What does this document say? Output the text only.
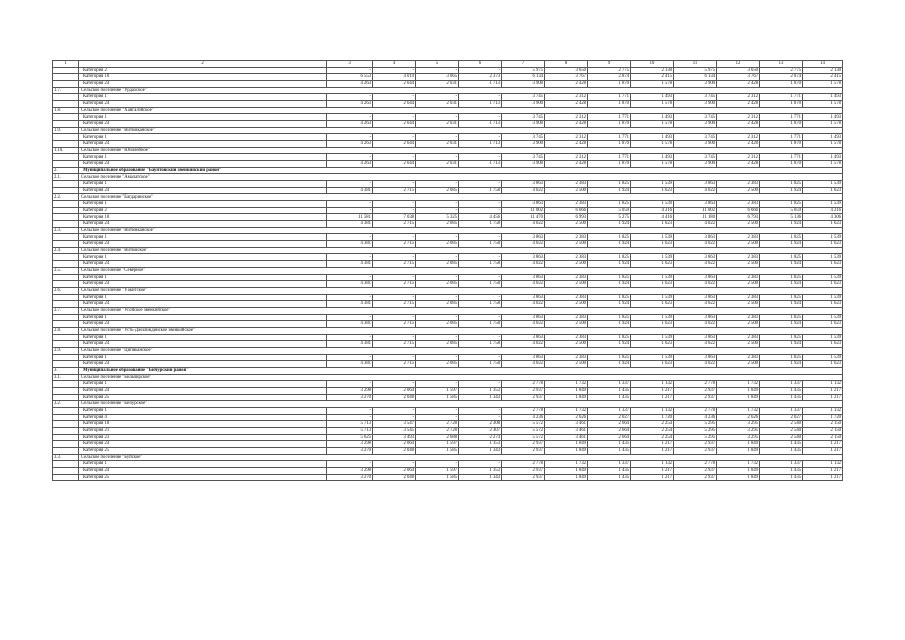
1	2	3	4	5	6	7	8	9	10	11	12	13	14
	Категория 2	-	-	-	-	5 975	3 650	2 775	2 130	5 975	3 650	2 775	2 130
	Категория 18	6 553	4 019	3 065	2 373	6 134	3 767	2 874	2 415	6 134	3 767	2 874	2 415
	Категория 24	4 263	2 644	2 031	1 713	3 900	2 428	1 870	1 578	3 900	2 428	1 870	1 578
1.7.	Сельское поселение "Урдахское"												
	Категория 1	-	-	-	-	3 745	2 312	1 771	1 493	3 745	2 312	1 771	1 493
	Категория 24	4 263	2 644	2 031	1 713	3 900	2 428	1 870	1 578	3 900	2 428	1 870	1 578
1.8.	Сельское поселение "Хангалэйское"												
	Категория 1	-	-	-	-	3 745	2 312	1 771	1 493	3 745	2 312	1 771	1 493
	Категория 24	4 263	2 644	2 031	1 713	3 900	2 428	1 870	1 578	3 900	2 428	1 870	1 578
1.9.	Сельское поселение "Витимканское"												
	Категория 1	-	-	-	-	3 745	2 312	1 771	1 493	3 745	2 312	1 771	1 493
	Категория 24	4 263	2 644	2 031	1 713	3 900	2 428	1 870	1 578	3 900	2 428	1 870	1 578
1.10.	Сельское поселение "Юбилейное"												
	Категория 1	-	-	-	-	3 745	2 312	1 771	1 493	3 745	2 312	1 771	1 493
	Категория 24	4 263	2 644	2 031	1 713	3 900	2 428	1 870	1 578	3 900	2 428	1 870	1 578
2.	Муниципальное образование "Баунтовский эвенкийский район"												
2.1.	Сельское поселение "Амалатское"												
	Категория 1	-	-	-	-	3 863	2 383	1 825	1 539	3 863	2 383	1 825	1 539
	Категория 24	4 381	2 715	2 085	1 758	4 022	2 500	1 924	1 623	4 022	2 500	1 924	1 623
2.2.	Сельское поселение "Багдаринское"												
	Категория 1	-	-	-	-	3 863	2 383	1 825	1 539	3 863	2 383	1 825	1 539
	Категория 2	-	-	-	-	11 002	6 666	5 059	4 216	11 002	6 666	5 059	4 216
	Категория 18	11 581	7 038	5 325	4 456	11 470	6 993	5 275	4 416	11 180	6 793	5 136	4 306
	Категория 24	4 381	2 715	2 085	1 758	4 022	2 500	1 924	1 623	4 022	2 500	1 924	1 623
2.3.	Сельское поселение "Витимканское"												
	Категория 1	-	-	-	-	3 863	2 383	1 825	1 539	3 863	2 383	1 825	1 539
	Категория 24	4 381	2 715	2 085	1 758	4 022	2 500	1 924	1 623	4 022	2 500	1 924	1 623
2.4.	Сельское поселение "Витимское"												
	Категория 1	-	-	-	-	3 863	2 383	1 825	1 539	3 863	2 383	1 825	1 539
	Категория 24	4 381	2 715	2 085	1 758	4 022	2 500	1 924	1 623	4 022	2 500	1 924	1 623
2.5.	Сельское поселение "Северное"												
	Категория 1	-	-	-	-	3 863	2 383	1 825	1 539	3 863	2 383	1 825	1 539
	Категория 24	4 381	2 715	2 085	1 758	4 022	2 500	1 924	1 623	4 022	2 500	1 924	1 623
2.6.	Сельское поселение "Уакитское"												
	Категория 1	-	-	-	-	3 863	2 383	1 825	1 539	3 863	2 383	1 825	1 539
	Категория 24	4 381	2 715	2 085	1 758	4 022	2 500	1 924	1 623	4 022	2 500	1 924	1 623
2.7.	Сельское поселение "Усойское эвенкийское"												
	Категория 1	-	-	-	-	3 863	2 383	1 825	1 539	3 863	2 383	1 825	1 539
	Категория 24	4 381	2 715	2 085	1 758	4 022	2 500	1 924	1 623	4 022	2 500	1 924	1 623
2.8.	Сельское поселение "Усть-Джилиндинское эвенкийское"												
	Категория 1	-	-	-	-	3 863	2 383	1 825	1 539	3 863	2 383	1 825	1 539
	Категория 24	4 381	2 715	2 085	1 758	4 022	2 500	1 924	1 623	4 022	2 500	1 924	1 623
2.9.	Сельское поселение "Ципиканское"												
	Категория 1	-	-	-	-	3 863	2 383	1 825	1 539	3 863	2 383	1 825	1 539
	Категория 24	4 381	2 715	2 085	1 758	4 022	2 500	1 924	1 623	4 022	2 500	1 924	1 623
3.	Муниципальное образование "Бичурский район"												
3.1.	Сельское поселение "Бильчирское"												
	Категория 1	-	-	-	-	2 778	1 732	1 337	1 132	2 778	1 732	1 337	1 132
	Категория 24	3 298	2 064	1 597	1 353	2 937	1 849	1 435	1 217	2 937	1 849	1 435	1 217
	Категория 25	3 270	2 048	1 585	1 343	2 937	1 849	1 435	1 217	2 937	1 849	1 435	1 217
3.2.	Сельское поселение "Бичурское"												
	Категория 1	-	-	-	-	2 778	1 732	1 337	1 132	2 778	1 732	1 337	1 132
	Категория 4	-	-	-	-	4 236	2 626	2 027	1 720	4 236	2 626	2 027	1 720
	Категория 18	5 713	3 547	2 728	2 308	5 572	3 461	2 664	2 254	5 295	3 295	2 540	2 150
	Категория 21	5 713	3 545	2 728	2 307	5 572	3 461	2 664	2 254	5 295	3 295	2 540	2 150
	Категория 23	5 625	3 493	2 688	2 274	5 572	3 461	2 664	2 254	5 295	3 295	2 540	2 150
	Категория 24	3 298	2 064	1 597	1 353	2 937	1 849	1 435	1 217	2 937	1 849	1 435	1 217
	Категория 25	3 270	2 048	1 585	1 343	2 937	1 849	1 435	1 217	2 937	1 849	1 435	1 217
3.3.	Сельское поселение "Буйское"												
	Категория 1	-	-	-	-	2 778	1 732	1 337	1 132	2 778	1 732	1 337	1 132
	Категория 24	3 298	2 064	1 597	1 353	2 937	1 849	1 435	1 217	2 937	1 849	1 435	1 217
	Категория 25	3 270	2 048	1 585	1 343	2 937	1 849	1 435	1 217	2 937	1 849	1 435	1 217
